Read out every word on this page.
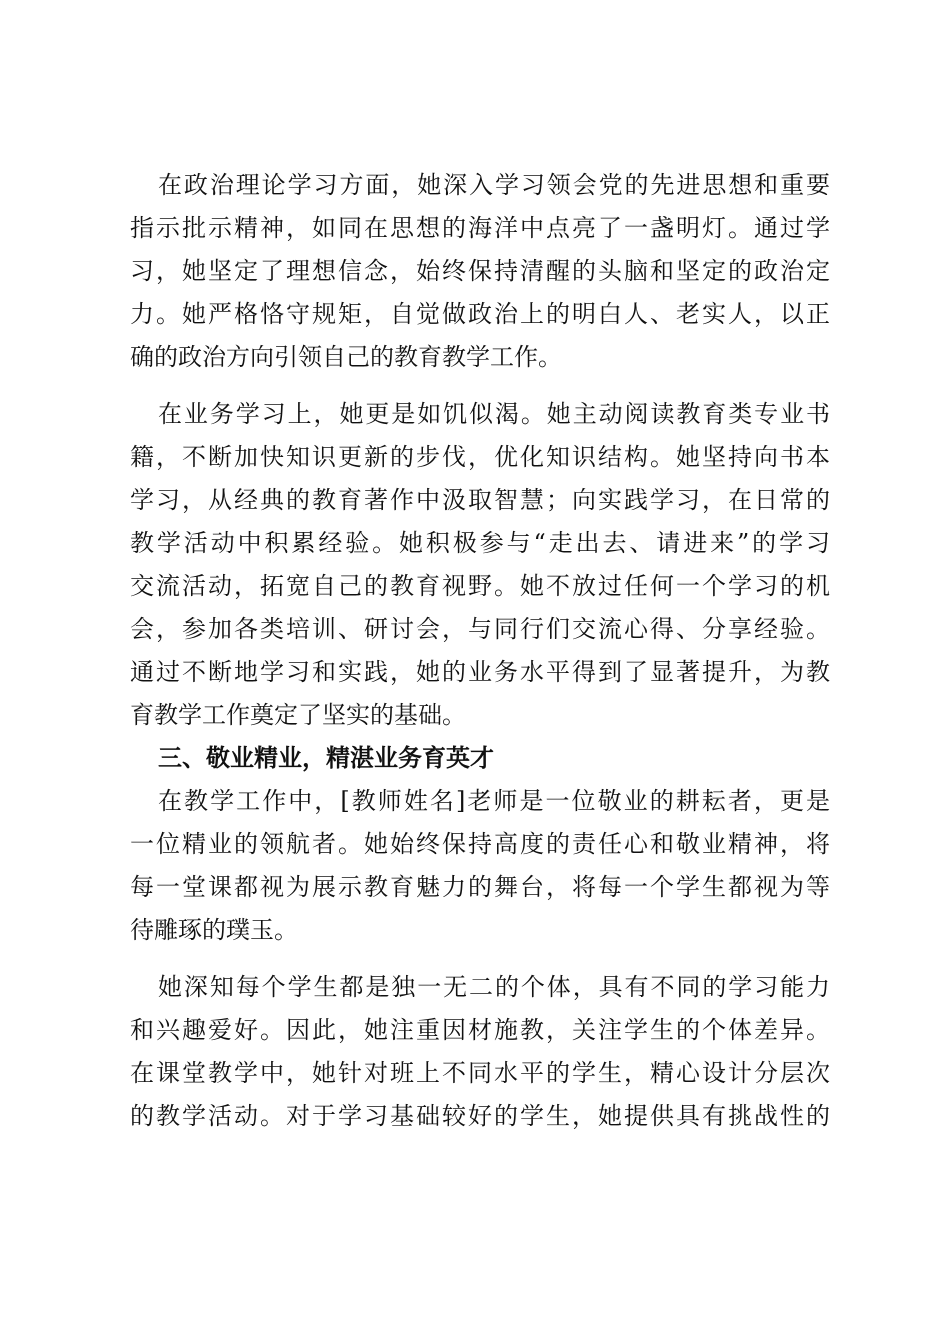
在政治理论学习方面，她深入学习领会党的先进思想和重要
指示批示精神，如同在思想的海洋中点亮了一盏明灯。通过学
习，她坚定了理想信念，始终保持清醒的头脑和坚定的政治定
力。她严格恪守规矩，自觉做政治上的明白人、老实人，以正
确的政治方向引领自己的教育教学工作。
在业务学习上，她更是如饥似渴。她主动阅读教育类专业书
籍，不断加快知识更新的步伐，优化知识结构。她坚持向书本
学习，从经典的教育著作中汲取智慧；向实践学习，在日常的
教学活动中积累经验。她积极参与“走出去、请进来”的学习
交流活动，拓宽自己的教育视野。她不放过任何一个学习的机
会，参加各类培训、研讨会，与同行们交流心得、分享经验。
通过不断地学习和实践，她的业务水平得到了显著提升，为教
育教学工作奠定了坚实的基础。
三、敬业精业，精湛业务育英才
在教学工作中，[教师姓名]老师是一位敬业的耕耘者，更是
一位精业的领航者。她始终保持高度的责任心和敬业精神，将
每一堂课都视为展示教育魅力的舞台，将每一个学生都视为等
待雕琢的璞玉。
她深知每个学生都是独一无二的个体，具有不同的学习能力
和兴趣爱好。因此，她注重因材施教，关注学生的个体差异。
在课堂教学中，她针对班上不同水平的学生，精心设计分层次
的教学活动。对于学习基础较好的学生，她提供具有挑战性的
